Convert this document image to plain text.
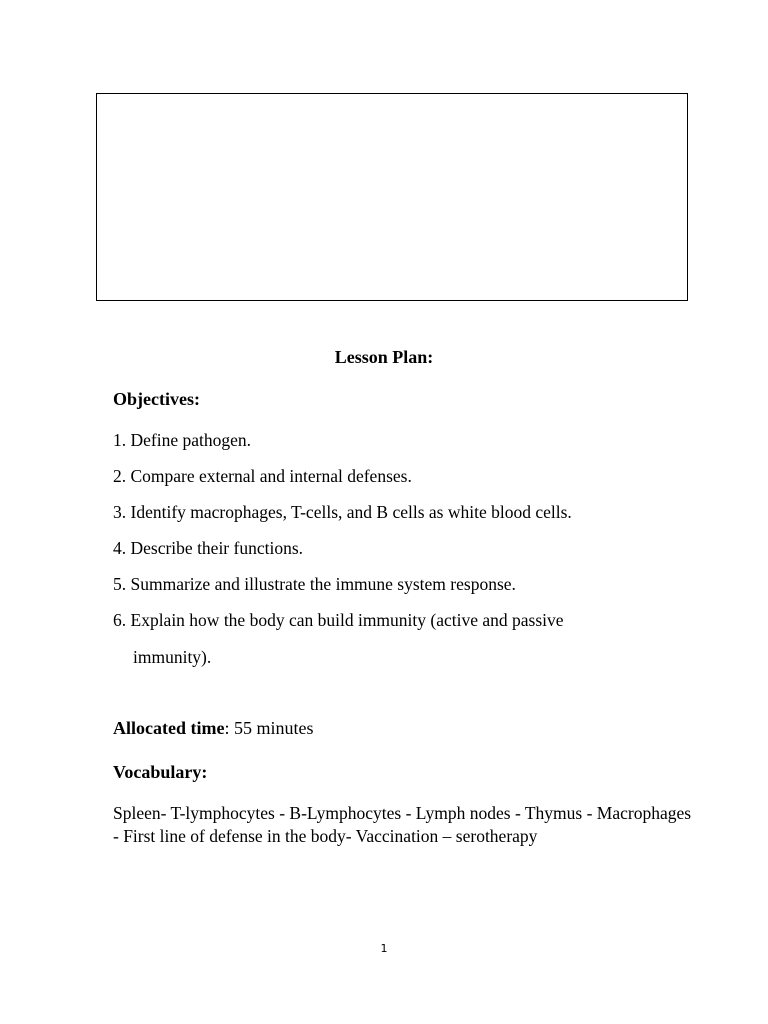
Lesson Plan:
Objectives:
1. Define pathogen.
2. Compare external and internal defenses.
3. Identify macrophages, T-cells, and B cells as white blood cells.
4. Describe their functions.
5. Summarize and illustrate the immune system response.
6. Explain how the body can build immunity (active and passive
immunity).
Allocated time: 55 minutes
Vocabulary:
Spleen- T-lymphocytes - B-Lymphocytes - Lymph nodes - Thymus - Macrophages - First line of defense in the body- Vaccination – serotherapy
1
